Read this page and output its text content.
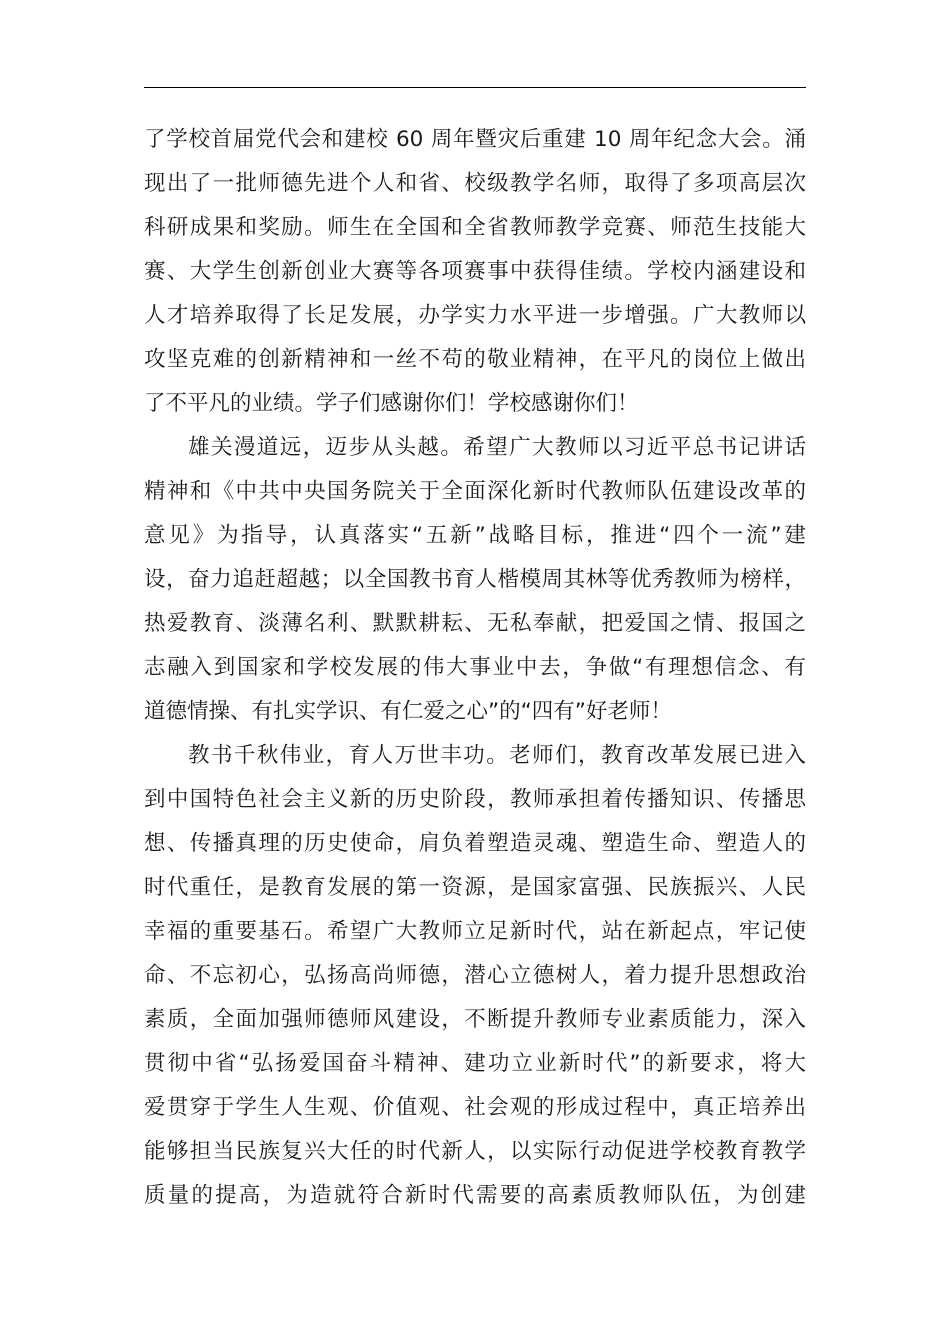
了学校首届党代会和建校 60 周年暨灾后重建 10 周年纪念大会。涌
现出了一批师德先进个人和省、校级教学名师，取得了多项高层次
科研成果和奖励。师生在全国和全省教师教学竞赛、师范生技能大
赛、大学生创新创业大赛等各项赛事中获得佳绩。学校内涵建设和
人才培养取得了长足发展，办学实力水平进一步增强。广大教师以
攻坚克难的创新精神和一丝不苟的敬业精神，在平凡的岗位上做出
了不平凡的业绩。学子们感谢你们！学校感谢你们！
雄关漫道远，迈步从头越。希望广大教师以习近平总书记讲话
精神和《中共中央国务院关于全面深化新时代教师队伍建设改革的
意见》为指导，认真落实“五新”战略目标，推进“四个一流”建
设，奋力追赶超越；以全国教书育人楷模周其林等优秀教师为榜样，
热爱教育、淡薄名利、默默耕耘、无私奉献，把爱国之情、报国之
志融入到国家和学校发展的伟大事业中去，争做“有理想信念、有
道德情操、有扎实学识、有仁爱之心”的“四有”好老师！
教书千秋伟业，育人万世丰功。老师们，教育改革发展已进入
到中国特色社会主义新的历史阶段，教师承担着传播知识、传播思
想、传播真理的历史使命，肩负着塑造灵魂、塑造生命、塑造人的
时代重任，是教育发展的第一资源，是国家富强、民族振兴、人民
幸福的重要基石。希望广大教师立足新时代，站在新起点，牢记使
命、不忘初心，弘扬高尚师德，潜心立德树人，着力提升思想政治
素质，全面加强师德师风建设，不断提升教师专业素质能力，深入
贯彻中省“弘扬爱国奋斗精神、建功立业新时代”的新要求，将大
爱贯穿于学生人生观、价值观、社会观的形成过程中，真正培养出
能够担当民族复兴大任的时代新人，以实际行动促进学校教育教学
质量的提高，为造就符合新时代需要的高素质教师队伍，为创建
